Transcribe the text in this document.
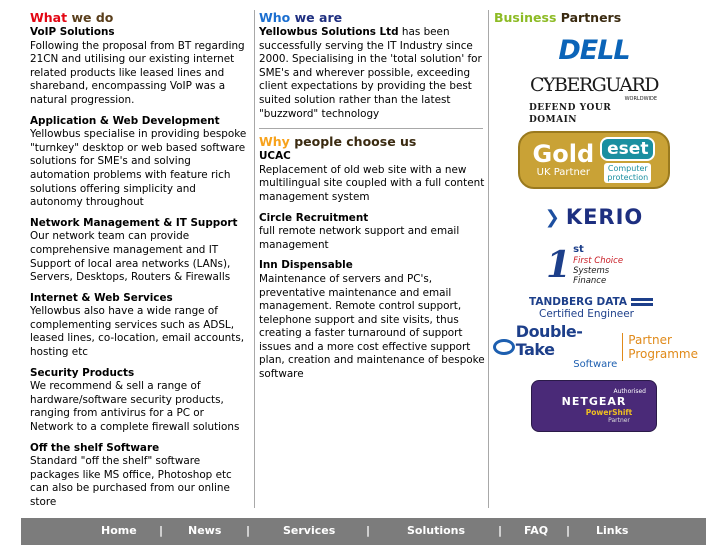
What we do
VoIP Solutions
Following the proposal from BT regarding 21CN and utilising our existing internet related products like leased lines and shareband, encompassing VoIP was a natural progression.
Application & Web Development
Yellowbus specialise in providing bespoke "turnkey" desktop or web based software solutions for SME's and solving automation problems with feature rich solutions offering simplicity and autonomy throughout
Network Management & IT Support
Our network team can provide comprehensive management and IT Support of local area networks (LANs), Servers, Desktops, Routers & Firewalls
Internet & Web Services
Yellowbus also have a wide range of complementing services such as ADSL, leased lines, co-location, email accounts, hosting etc
Security Products
We recommend & sell a range of hardware/software security products, ranging from antivirus for a PC or Network to a complete firewall solutions
Off the shelf Software
Standard "off the shelf" software packages like MS office, Photoshop etc can also be purchased from our online store
Who we are
Yellowbus Solutions Ltd has been successfully serving the IT Industry since 2000. Specialising in the 'total solution' for SME's and wherever possible, exceeding client expectations by providing the best suited solution rather than the latest "buzzword" technology
Why people choose us
UCAC
Replacement of old web site with a new multilingual site coupled with a full content management system
Circle Recruitment
full remote network support and email management
Inn Dispensable
Maintenance of servers and PC's, preventative maintenance and email management. Remote control support, telephone support and site visits, thus creating a faster turnaround of support issues and a more cost effective support plan, creation and maintenance of bespoke software
Business Partners
DELL
CYBERGUARD
WORLDWIDE
DEFEND YOUR DOMAIN
Gold
UK Partner
eset
Computer
protection
❯ KERIO
1 st
First Choice
Systems Finance
TANDBERG DATA
Certified Engineer
Double-Take
Software
Partner
Programme
Authorised
NETGEAR
PowerShift
Partner
Home | News |	Services	|	Solutions	| FAQ | Links
